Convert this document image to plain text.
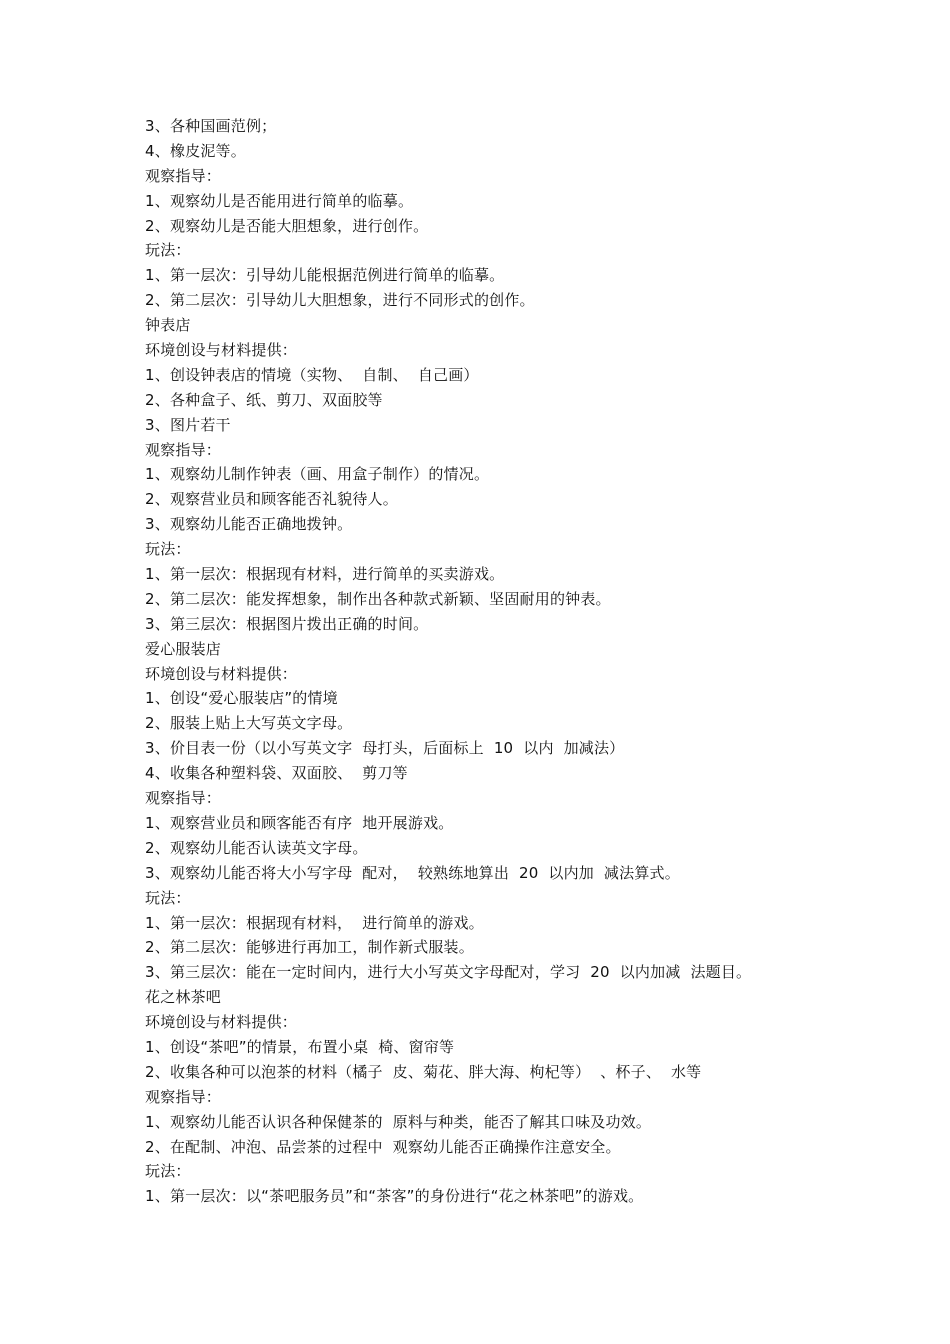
3、各种国画范例；
4、橡皮泥等。
观察指导：
1、观察幼儿是否能用进行简单的临摹。
2、观察幼儿是否能大胆想象，进行创作。
玩法：
1、第一层次：引导幼儿能根据范例进行简单的临摹。
2、第二层次：引导幼儿大胆想象，进行不同形式的创作。
钟表店
环境创设与材料提供：
1、创设钟表店的情境（实物、  自制、  自己画）
2、各种盒子、纸、剪刀、双面胶等
3、图片若干
观察指导：
1、观察幼儿制作钟表（画、用盒子制作）的情况。
2、观察营业员和顾客能否礼貌待人。
3、观察幼儿能否正确地拨钟。
玩法：
1、第一层次：根据现有材料，进行简单的买卖游戏。
2、第二层次：能发挥想象，制作出各种款式新颖、坚固耐用的钟表。
3、第三层次：根据图片拨出正确的时间。
爱心服装店
环境创设与材料提供：
1、创设“爱心服装店”的情境
2、服装上贴上大写英文字母。
3、价目表一份（以小写英文字  母打头，后面标上  10  以内  加减法）
4、收集各种塑料袋、双面胶、  剪刀等
观察指导：
1、观察营业员和顾客能否有序  地开展游戏。
2、观察幼儿能否认读英文字母。
3、观察幼儿能否将大小写字母  配对，  较熟练地算出  20  以内加  减法算式。
玩法：
1、第一层次：根据现有材料，  进行简单的游戏。
2、第二层次：能够进行再加工，制作新式服装。
3、第三层次：能在一定时间内，进行大小写英文字母配对，学习  20  以内加减  法题目。
花之林茶吧
环境创设与材料提供：
1、创设“茶吧”的情景，布置小桌  椅、窗帘等
2、收集各种可以泡茶的材料（橘子  皮、菊花、胖大海、枸杞等）  、杯子、  水等
观察指导：
1、观察幼儿能否认识各种保健茶的  原料与种类，能否了解其口味及功效。
2、在配制、冲泡、品尝茶的过程中  观察幼儿能否正确操作注意安全。
玩法：
1、第一层次：以“茶吧服务员”和“茶客”的身份进行“花之林茶吧”的游戏。
